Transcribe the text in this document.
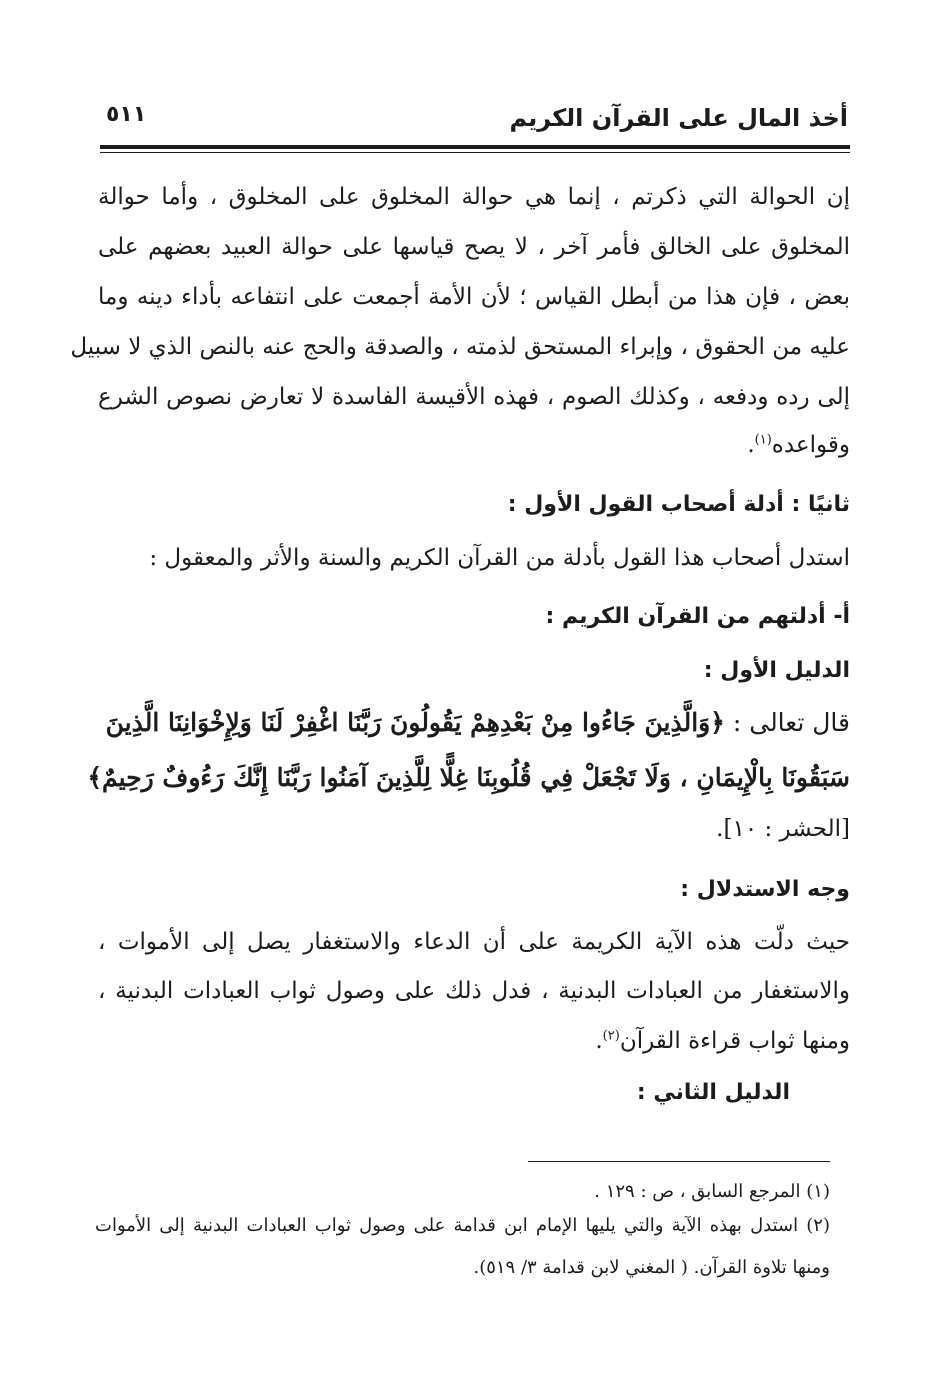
أخذ المال على القرآن الكريم
٥١١
إن الحوالة التي ذكرتم ، إنما هي حوالة المخلوق على المخلوق ، وأما حوالة
المخلوق على الخالق فأمر آخر ، لا يصح قياسها على حوالة العبيد بعضهم على
بعض ، فإن هذا من أبطل القياس ؛ لأن الأمة أجمعت على انتفاعه بأداء دينه وما
عليه من الحقوق ، وإبراء المستحق لذمته ، والصدقة والحج عنه بالنص الذي لا سبيل
إلى رده ودفعه ، وكذلك الصوم ، فهذه الأقيسة الفاسدة لا تعارض نصوص الشرع
وقواعده$^{(١)}$.
ثانيًا : أدلة أصحاب القول الأول :
استدل أصحاب هذا القول بأدلة من القرآن الكريم والسنة والأثر والمعقول :
أ- أدلتهم من القرآن الكريم :
الدليل الأول :
قال تعالى : ﴿وَالَّذِينَ جَاءُوا مِنْ بَعْدِهِمْ يَقُولُونَ رَبَّنَا اغْفِرْ لَنَا وَلِإِخْوَانِنَا الَّذِينَ
سَبَقُونَا بِالْإِيمَانِ ، وَلَا تَجْعَلْ فِي قُلُوبِنَا غِلًّا لِلَّذِينَ آمَنُوا رَبَّنَا إِنَّكَ رَءُوفٌ رَحِيمٌ﴾
[الحشر : ١٠].
وجه الاستدلال :
حيث دلّت هذه الآية الكريمة على أن الدعاء والاستغفار يصل إلى الأموات ،
والاستغفار من العبادات البدنية ، فدل ذلك على وصول ثواب العبادات البدنية ،
ومنها ثواب قراءة القرآن$^{(٢)}$.
الدليل الثاني :
(١) المرجع السابق ، ص : ١٢٩ .
(٢) استدل بهذه الآية والتي يليها الإمام ابن قدامة على وصول ثواب العبادات البدنية إلى الأموات
ومنها تلاوة القرآن. ( المغني لابن قدامة ٣/ ٥١٩).
